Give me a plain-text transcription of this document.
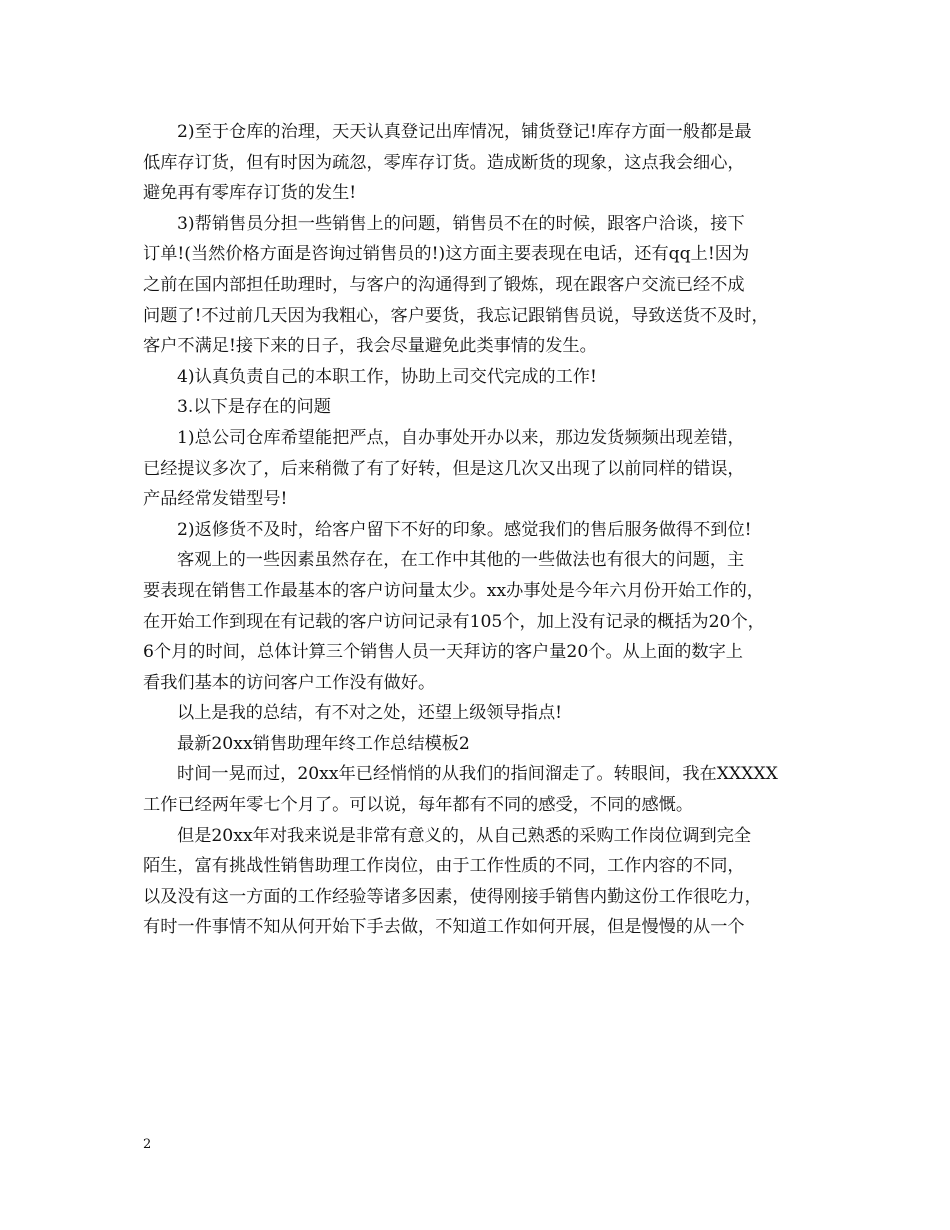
2)至于仓库的治理，天天认真登记出库情况，铺货登记!库存方面一般都是最
低库存订货，但有时因为疏忽，零库存订货。造成断货的现象，这点我会细心，
避免再有零库存订货的发生!
3)帮销售员分担一些销售上的问题，销售员不在的时候，跟客户洽谈，接下
订单!(当然价格方面是咨询过销售员的!)这方面主要表现在电话，还有qq上!因为
之前在国内部担任助理时，与客户的沟通得到了锻炼，现在跟客户交流已经不成
问题了!不过前几天因为我粗心，客户要货，我忘记跟销售员说，导致送货不及时，
客户不满足!接下来的日子，我会尽量避免此类事情的发生。
4)认真负责自己的本职工作，协助上司交代完成的工作!
3.以下是存在的问题
1)总公司仓库希望能把严点，自办事处开办以来，那边发货频频出现差错，
已经提议多次了，后来稍微了有了好转，但是这几次又出现了以前同样的错误，
产品经常发错型号!
2)返修货不及时，给客户留下不好的印象。感觉我们的售后服务做得不到位!
客观上的一些因素虽然存在，在工作中其他的一些做法也有很大的问题，主
要表现在销售工作最基本的客户访问量太少。xx办事处是今年六月份开始工作的，
在开始工作到现在有记载的客户访问记录有105个，加上没有记录的概括为20个，
6个月的时间，总体计算三个销售人员一天拜访的客户量20个。从上面的数字上
看我们基本的访问客户工作没有做好。
以上是我的总结，有不对之处，还望上级领导指点!
最新20xx销售助理年终工作总结模板2
时间一晃而过，20xx年已经悄悄的从我们的指间溜走了。转眼间，我在XXXXX
工作已经两年零七个月了。可以说，每年都有不同的感受，不同的感慨。
但是20xx年对我来说是非常有意义的，从自己熟悉的采购工作岗位调到完全
陌生，富有挑战性销售助理工作岗位，由于工作性质的不同，工作内容的不同，
以及没有这一方面的工作经验等诸多因素，使得刚接手销售内勤这份工作很吃力，
有时一件事情不知从何开始下手去做，不知道工作如何开展，但是慢慢的从一个
2
